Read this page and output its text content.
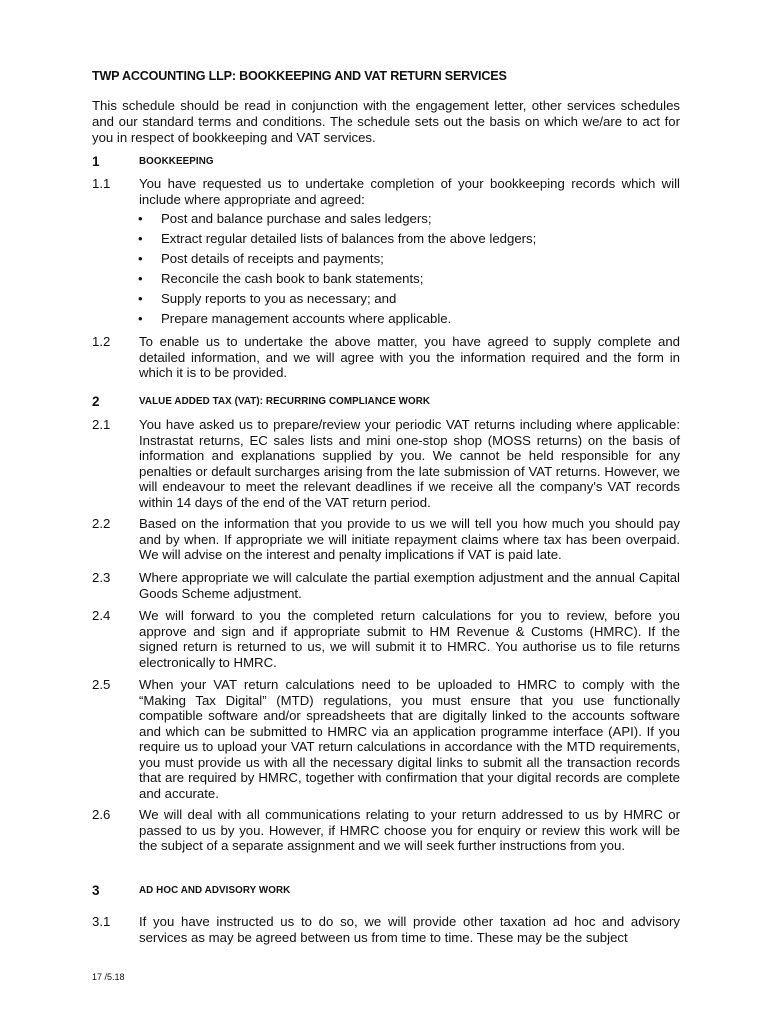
TWP ACCOUNTING LLP: BOOKKEEPING AND VAT RETURN SERVICES
This schedule should be read in conjunction with the engagement letter, other services schedules and our standard terms and conditions. The schedule sets out the basis on which we/are to act for you in respect of bookkeeping and VAT services.
1	BOOKKEEPING
1.1 You have requested us to undertake completion of your bookkeeping records which will include where appropriate and agreed:
• Post and balance purchase and sales ledgers;
• Extract regular detailed lists of balances from the above ledgers;
• Post details of receipts and payments;
• Reconcile the cash book to bank statements;
• Supply reports to you as necessary; and
• Prepare management accounts where applicable.
1.2 To enable us to undertake the above matter, you have agreed to supply complete and detailed information, and we will agree with you the information required and the form in which it is to be provided.
2	VALUE ADDED TAX (VAT): RECURRING COMPLIANCE WORK
2.1 You have asked us to prepare/review your periodic VAT returns including where applicable: Instrastat returns, EC sales lists and mini one-stop shop (MOSS returns) on the basis of information and explanations supplied by you. We cannot be held responsible for any penalties or default surcharges arising from the late submission of VAT returns. However, we will endeavour to meet the relevant deadlines if we receive all the company's VAT records within 14 days of the end of the VAT return period.
2.2 Based on the information that you provide to us we will tell you how much you should pay and by when. If appropriate we will initiate repayment claims where tax has been overpaid. We will advise on the interest and penalty implications if VAT is paid late.
2.3 Where appropriate we will calculate the partial exemption adjustment and the annual Capital Goods Scheme adjustment.
2.4 We will forward to you the completed return calculations for you to review, before you approve and sign and if appropriate submit to HM Revenue & Customs (HMRC). If the signed return is returned to us, we will submit it to HMRC. You authorise us to file returns electronically to HMRC.
2.5 When your VAT return calculations need to be uploaded to HMRC to comply with the “Making Tax Digital” (MTD) regulations, you must ensure that you use functionally compatible software and/or spreadsheets that are digitally linked to the accounts software and which can be submitted to HMRC via an application programme interface (API). If you require us to upload your VAT return calculations in accordance with the MTD requirements, you must provide us with all the necessary digital links to submit all the transaction records that are required by HMRC, together with confirmation that your digital records are complete and accurate.
2.6 We will deal with all communications relating to your return addressed to us by HMRC or passed to us by you. However, if HMRC choose you for enquiry or review this work will be the subject of a separate assignment and we will seek further instructions from you.
3	AD HOC AND ADVISORY WORK
3.1 If you have instructed us to do so, we will provide other taxation ad hoc and advisory services as may be agreed between us from time to time. These may be the subject
17 /5.18
